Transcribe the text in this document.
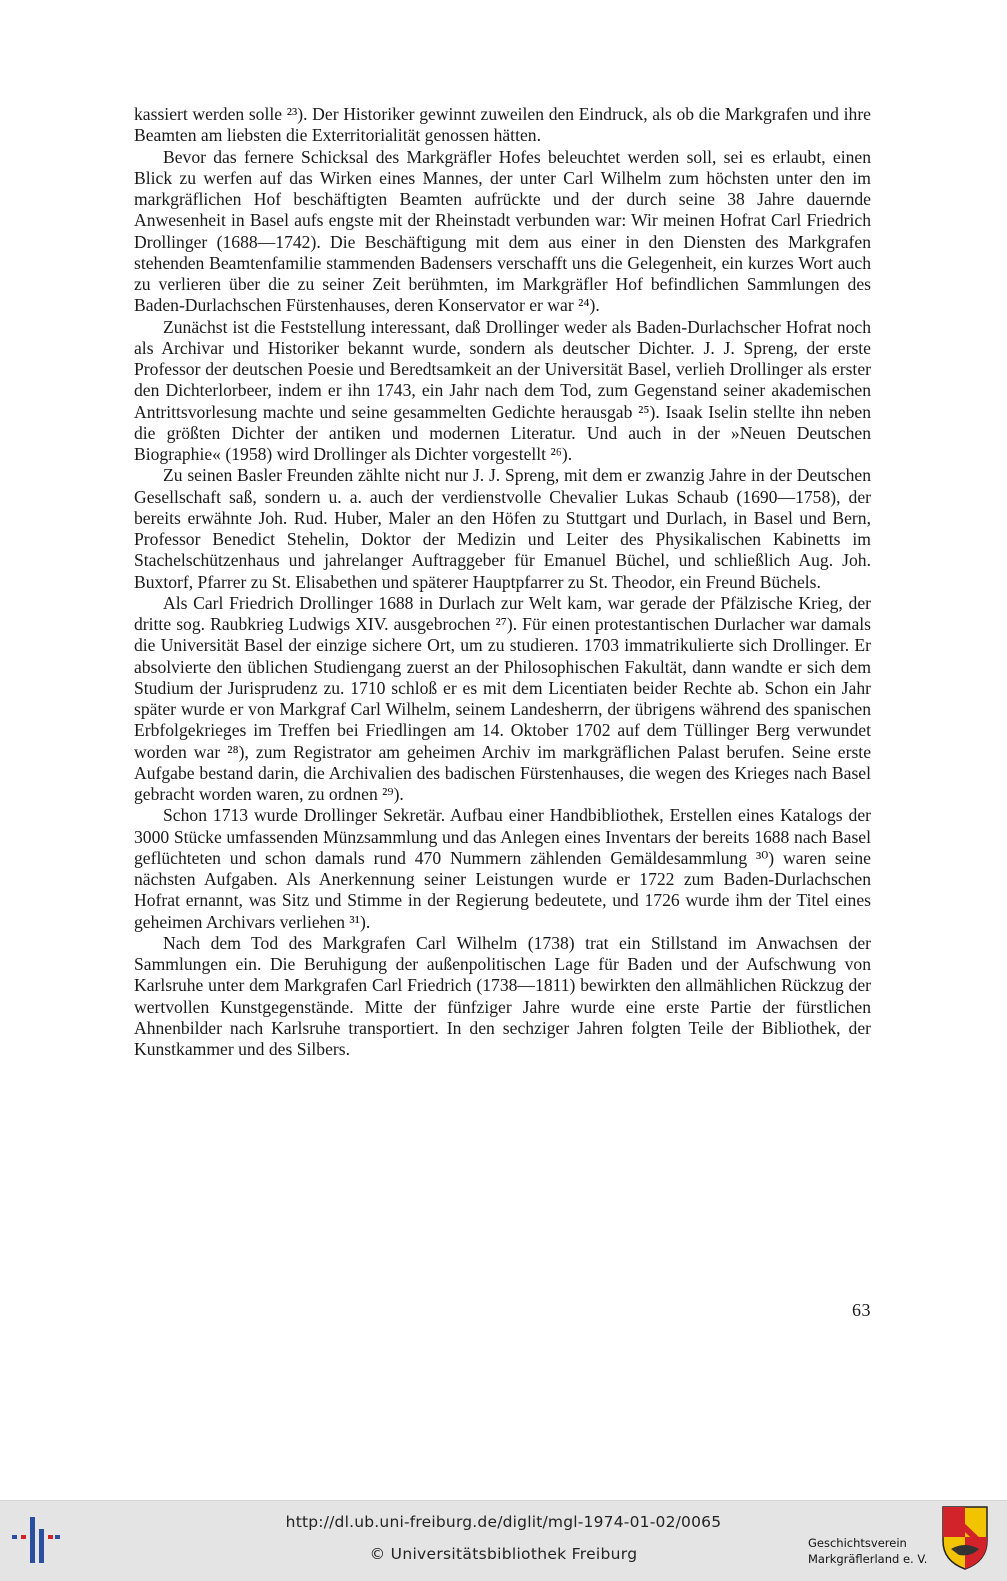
kassiert werden solle ²³). Der Historiker gewinnt zuweilen den Eindruck, als ob die Markgrafen und ihre Beamten am liebsten die Exterritorialität genossen hätten.

Bevor das fernere Schicksal des Markgräfler Hofes beleuchtet werden soll, sei es erlaubt, einen Blick zu werfen auf das Wirken eines Mannes, der unter Carl Wilhelm zum höchsten unter den im markgräflichen Hof beschäftigten Beamten aufrückte und der durch seine 38 Jahre dauernde Anwesenheit in Basel aufs engste mit der Rheinstadt verbunden war: Wir meinen Hofrat Carl Friedrich Drollinger (1688—1742). Die Beschäftigung mit dem aus einer in den Diensten des Markgrafen stehenden Beamtenfamilie stammenden Badensers verschafft uns die Gelegenheit, ein kurzes Wort auch zu verlieren über die zu seiner Zeit berühmten, im Markgräfler Hof befindlichen Sammlungen des Baden-Durlachschen Fürstenhauses, deren Konservator er war ²⁴).

Zunächst ist die Feststellung interessant, daß Drollinger weder als Baden-Durlachscher Hofrat noch als Archivar und Historiker bekannt wurde, sondern als deutscher Dichter. J. J. Spreng, der erste Professor der deutschen Poesie und Beredtsamkeit an der Universität Basel, verlieh Drollinger als erster den Dichterlorbeer, indem er ihn 1743, ein Jahr nach dem Tod, zum Gegenstand seiner akademischen Antrittsvorlesung machte und seine gesammelten Gedichte herausgab ²⁵). Isaak Iselin stellte ihn neben die größten Dichter der antiken und modernen Literatur. Und auch in der »Neuen Deutschen Biographie« (1958) wird Drollinger als Dichter vorgestellt ²⁶).

Zu seinen Basler Freunden zählte nicht nur J. J. Spreng, mit dem er zwanzig Jahre in der Deutschen Gesellschaft saß, sondern u. a. auch der verdienstvolle Chevalier Lukas Schaub (1690—1758), der bereits erwähnte Joh. Rud. Huber, Maler an den Höfen zu Stuttgart und Durlach, in Basel und Bern, Professor Benedict Stehelin, Doktor der Medizin und Leiter des Physikalischen Kabinetts im Stachelschützenhaus und jahrelanger Auftraggeber für Emanuel Büchel, und schließlich Aug. Joh. Buxtorf, Pfarrer zu St. Elisabethen und späterer Hauptpfarrer zu St. Theodor, ein Freund Büchels.

Als Carl Friedrich Drollinger 1688 in Durlach zur Welt kam, war gerade der Pfälzische Krieg, der dritte sog. Raubkrieg Ludwigs XIV. ausgebrochen ²⁷). Für einen protestantischen Durlacher war damals die Universität Basel der einzige sichere Ort, um zu studieren. 1703 immatrikulierte sich Drollinger. Er absolvierte den üblichen Studiengang zuerst an der Philosophischen Fakultät, dann wandte er sich dem Studium der Jurisprudenz zu. 1710 schloß er es mit dem Licentiaten beider Rechte ab. Schon ein Jahr später wurde er von Markgraf Carl Wilhelm, seinem Landesherrn, der übrigens während des spanischen Erbfolgekrieges im Treffen bei Friedlingen am 14. Oktober 1702 auf dem Tüllinger Berg verwundet worden war ²⁸), zum Registrator am geheimen Archiv im markgräflichen Palast berufen. Seine erste Aufgabe bestand darin, die Archivalien des badischen Fürstenhauses, die wegen des Krieges nach Basel gebracht worden waren, zu ordnen ²⁹).

Schon 1713 wurde Drollinger Sekretär. Aufbau einer Handbibliothek, Erstellen eines Katalogs der 3000 Stücke umfassenden Münzsammlung und das Anlegen eines Inventars der bereits 1688 nach Basel geflüchteten und schon damals rund 470 Nummern zählenden Gemäldesammlung ³⁰) waren seine nächsten Aufgaben. Als Anerkennung seiner Leistungen wurde er 1722 zum Baden-Durlachschen Hofrat ernannt, was Sitz und Stimme in der Regierung bedeutete, und 1726 wurde ihm der Titel eines geheimen Archivars verliehen ³¹).

Nach dem Tod des Markgrafen Carl Wilhelm (1738) trat ein Stillstand im Anwachsen der Sammlungen ein. Die Beruhigung der außenpolitischen Lage für Baden und der Aufschwung von Karlsruhe unter dem Markgrafen Carl Friedrich (1738—1811) bewirkten den allmählichen Rückzug der wertvollen Kunstgegenstände. Mitte der fünfziger Jahre wurde eine erste Partie der fürstlichen Ahnenbilder nach Karlsruhe transportiert. In den sechziger Jahren folgten Teile der Bibliothek, der Kunstkammer und des Silbers.

63
http://dl.ub.uni-freiburg.de/diglit/mgl-1974-01-02/0065
© Universitätsbibliothek Freiburg
Geschichtsverein
Markgräflerland e. V.
